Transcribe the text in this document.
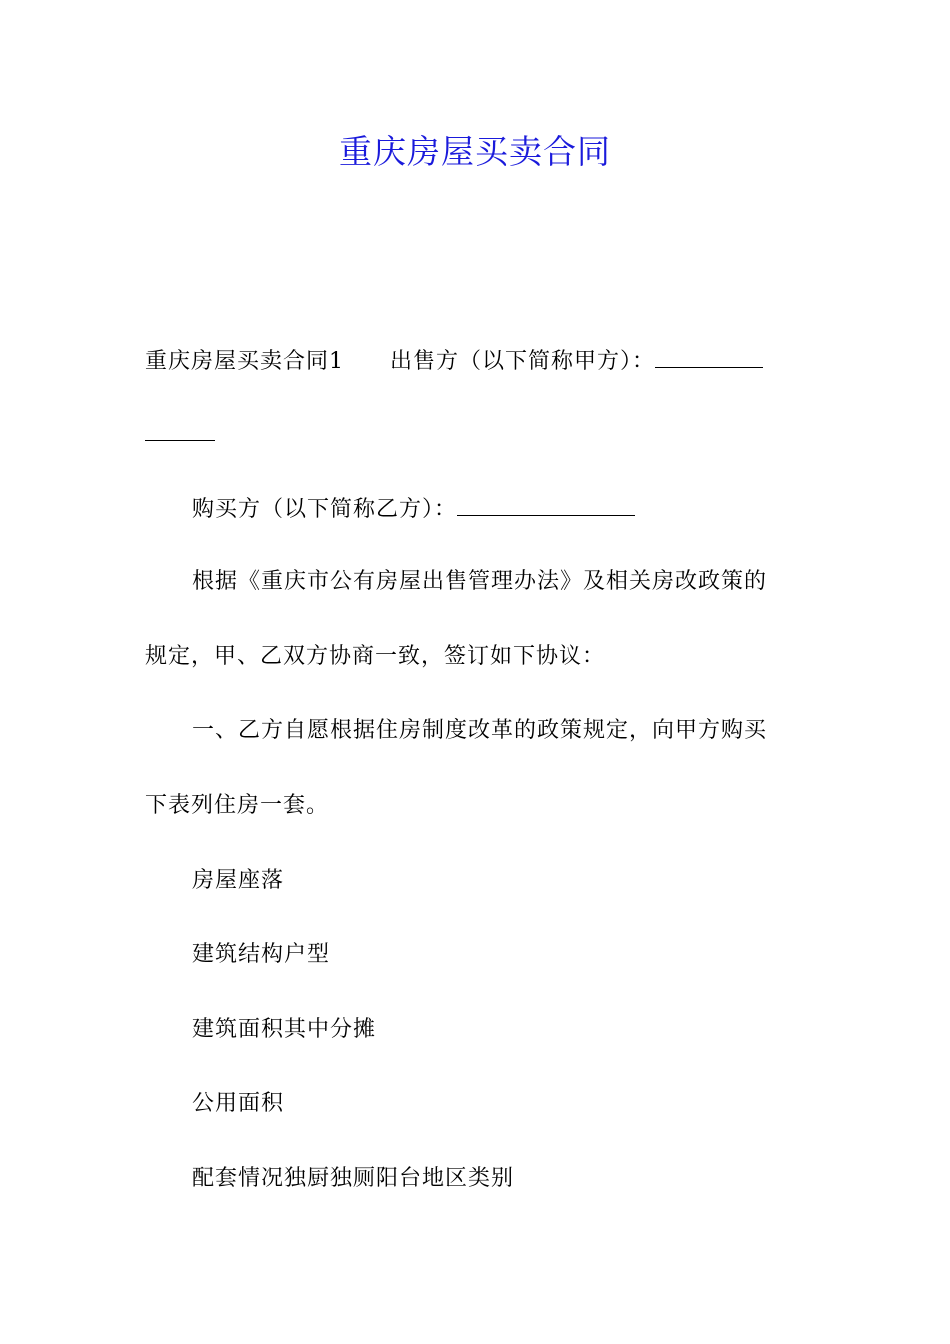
重庆房屋买卖合同
重庆房屋买卖合同1 出售方（以下简称甲方）：
购买方（以下简称乙方）：
根据《重庆市公有房屋出售管理办法》及相关房改政策的
规定，甲、乙双方协商一致，签订如下协议：
一、乙方自愿根据住房制度改革的政策规定，向甲方购买
下表列住房一套。
房屋座落
建筑结构户型
建筑面积其中分摊
公用面积
配套情况独厨独厕阳台地区类别
